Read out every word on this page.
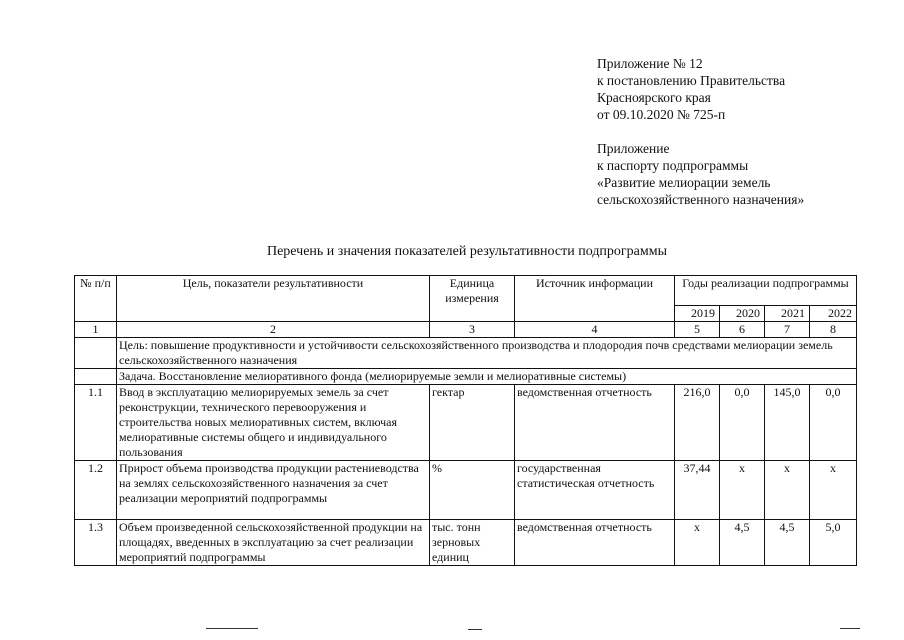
Приложение № 12
к постановлению Правительства
Красноярского края
от 09.10.2020 № 725-п
Приложение
к паспорту подпрограммы
«Развитие мелиорации земель
сельскохозяйственного назначения»
Перечень и значения показателей результативности подпрограммы
№ п/п	Цель, показатели результативности	Единица измерения	Источник информации	Годы реализации подпрограммы			
				2019	2020	2021	2022
1	2	3	4	5	6	7	8
	Цель: повышение продуктивности и устойчивости сельскохозяйственного производства и плодородия почв средствами мелиорации земель сельскохозяйственного назначения						
	Задача. Восстановление мелиоративного фонда (мелиорируемые земли и мелиоративные системы)						
1.1	Ввод в эксплуатацию мелиорируемых земель за счет реконструкции, технического перевооружения и строительства новых мелиоративных систем, включая мелиоративные системы общего и индивидуального пользования	гектар	ведомственная отчетность	216,0	0,0	145,0	0,0
1.2	Прирост объема производства продукции растениеводства на землях сельскохозяйственного назначения за счет реализации мероприятий подпрограммы	%	государственная статистическая отчетность	37,44	x	x	x
1.3	Объем произведенной сельскохозяйственной продукции на площадях, введенных в эксплуатацию за счет реализации мероприятий подпрограммы	тыс. тонн зерновых единиц	ведомственная отчетность	x	4,5	4,5	5,0
